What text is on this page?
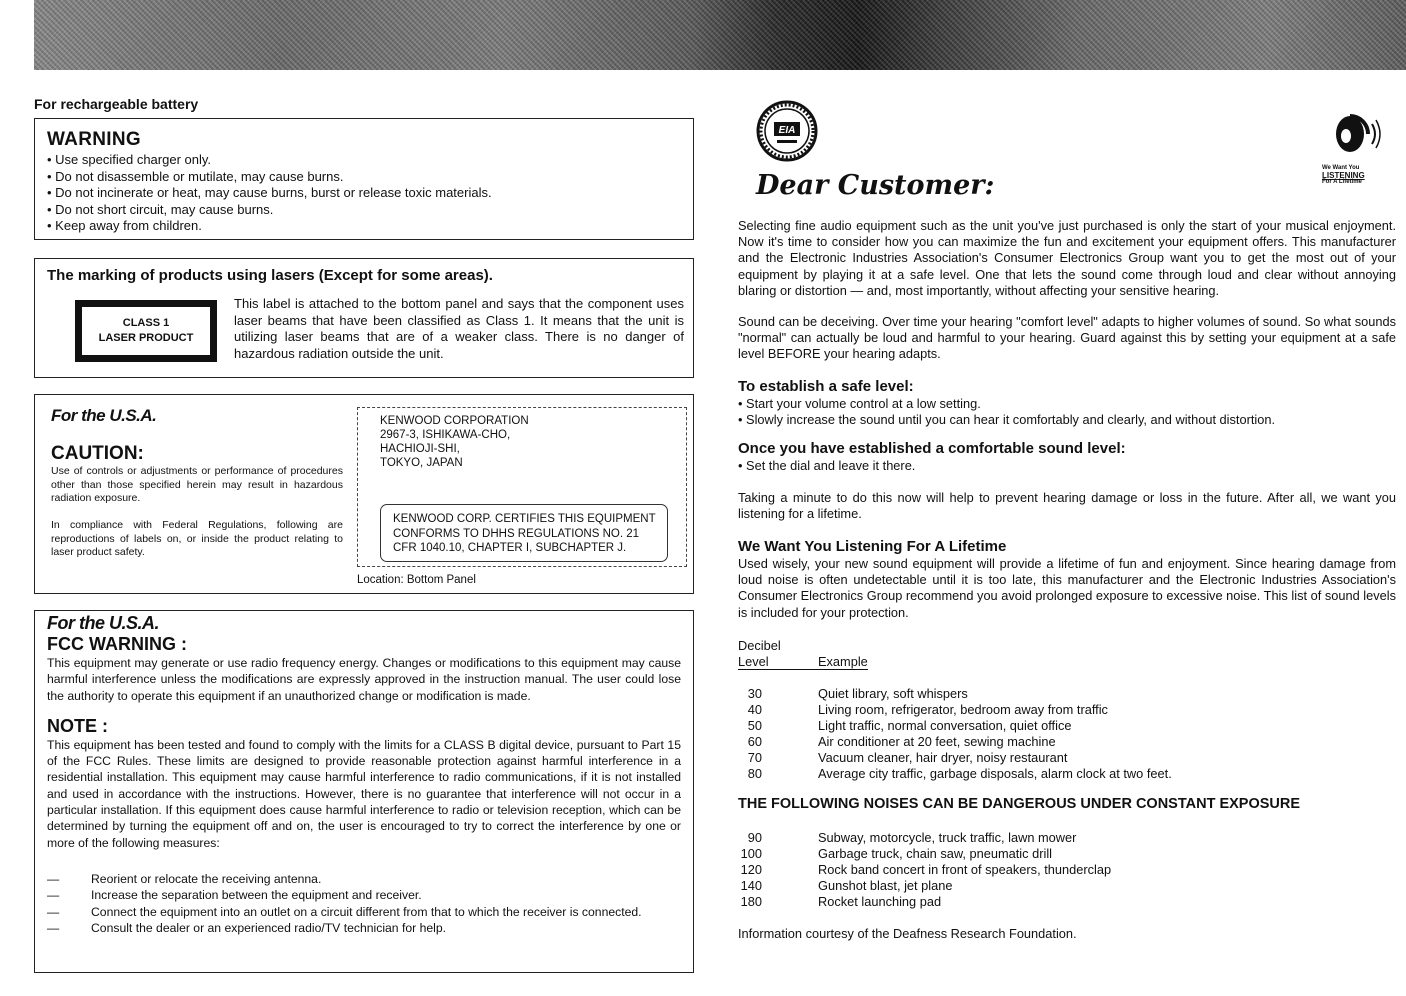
For rechargeable battery
WARNING
• Use specified charger only.
• Do not disassemble or mutilate, may cause burns.
• Do not incinerate or heat, may cause burns, burst or release toxic materials.
• Do not short circuit, may cause burns.
• Keep away from children.
The marking of products using lasers (Except for some areas).
CLASS 1
LASER PRODUCT
This label is attached to the bottom panel and says that the component uses laser beams that have been classified as Class 1. It means that the unit is utilizing laser beams that are of a weaker class. There is no danger of hazardous radiation outside the unit.
For the U.S.A.
CAUTION:
Use of controls or adjustments or performance of procedures other than those specified herein may result in hazardous radiation exposure.
In compliance with Federal Regulations, following are reproductions of labels on, or inside the product relating to laser product safety.
KENWOOD CORPORATION
2967-3, ISHIKAWA-CHO,
HACHIOJI-SHI,
TOKYO, JAPAN
KENWOOD CORP. CERTIFIES THIS EQUIPMENT
CONFORMS TO DHHS REGULATIONS NO. 21
CFR 1040.10, CHAPTER I, SUBCHAPTER J.
Location: Bottom Panel
For the U.S.A.
FCC WARNING :
This equipment may generate or use radio frequency energy. Changes or modifications to this equipment may cause harmful interference unless the modifications are expressly approved in the instruction manual. The user could lose the authority to operate this equipment if an unauthorized change or modification is made.
NOTE :
This equipment has been tested and found to comply with the limits for a CLASS B digital device, pursuant to Part 15 of the FCC Rules. These limits are designed to provide reasonable protection against harmful interference in a residential installation. This equipment may cause harmful interference to radio communications, if it is not installed and used in accordance with the instructions. However, there is no guarantee that interference will not occur in a particular installation. If this equipment does cause harmful interference to radio or television reception, which can be determined by turning the equipment off and on, the user is encouraged to try to correct the interference by one or more of the following measures:
— Reorient or relocate the receiving antenna.
— Increase the separation between the equipment and receiver.
— Connect the equipment into an outlet on a circuit different from that to which the receiver is connected.
— Consult the dealer or an experienced radio/TV technician for help.
EIA
We Want You
LISTENING
For A Lifetime
Dear Customer:
Selecting fine audio equipment such as the unit you've just purchased is only the start of your musical enjoyment. Now it's time to consider how you can maximize the fun and excitement your equipment offers. This manufacturer and the Electronic Industries Association's Consumer Electronics Group want you to get the most out of your equipment by playing it at a safe level. One that lets the sound come through loud and clear without annoying blaring or distortion — and, most importantly, without affecting your sensitive hearing.
Sound can be deceiving. Over time your hearing "comfort level" adapts to higher volumes of sound. So what sounds "normal" can actually be loud and harmful to your hearing. Guard against this by setting your equipment at a safe level BEFORE your hearing adapts.
To establish a safe level:
• Start your volume control at a low setting.
• Slowly increase the sound until you can hear it comfortably and clearly, and without distortion.
Once you have established a comfortable sound level:
• Set the dial and leave it there.
Taking a minute to do this now will help to prevent hearing damage or loss in the future. After all, we want you listening for a lifetime.
We Want You Listening For A Lifetime
Used wisely, your new sound equipment will provide a lifetime of fun and enjoyment. Since hearing damage from loud noise is often undetectable until it is too late, this manufacturer and the Electronic Industries Association's Consumer Electronics Group recommend you avoid prolonged exposure to excessive noise. This list of sound levels is included for your protection.
Decibel
Level	Example
30	Quiet library, soft whispers
40	Living room, refrigerator, bedroom away from traffic
50	Light traffic, normal conversation, quiet office
60	Air conditioner at 20 feet, sewing machine
70	Vacuum cleaner, hair dryer, noisy restaurant
80	Average city traffic, garbage disposals, alarm clock at two feet.
THE FOLLOWING NOISES CAN BE DANGEROUS UNDER CONSTANT EXPOSURE
90	Subway, motorcycle, truck traffic, lawn mower
100	Garbage truck, chain saw, pneumatic drill
120	Rock band concert in front of speakers, thunderclap
140	Gunshot blast, jet plane
180	Rocket launching pad
Information courtesy of the Deafness Research Foundation.
